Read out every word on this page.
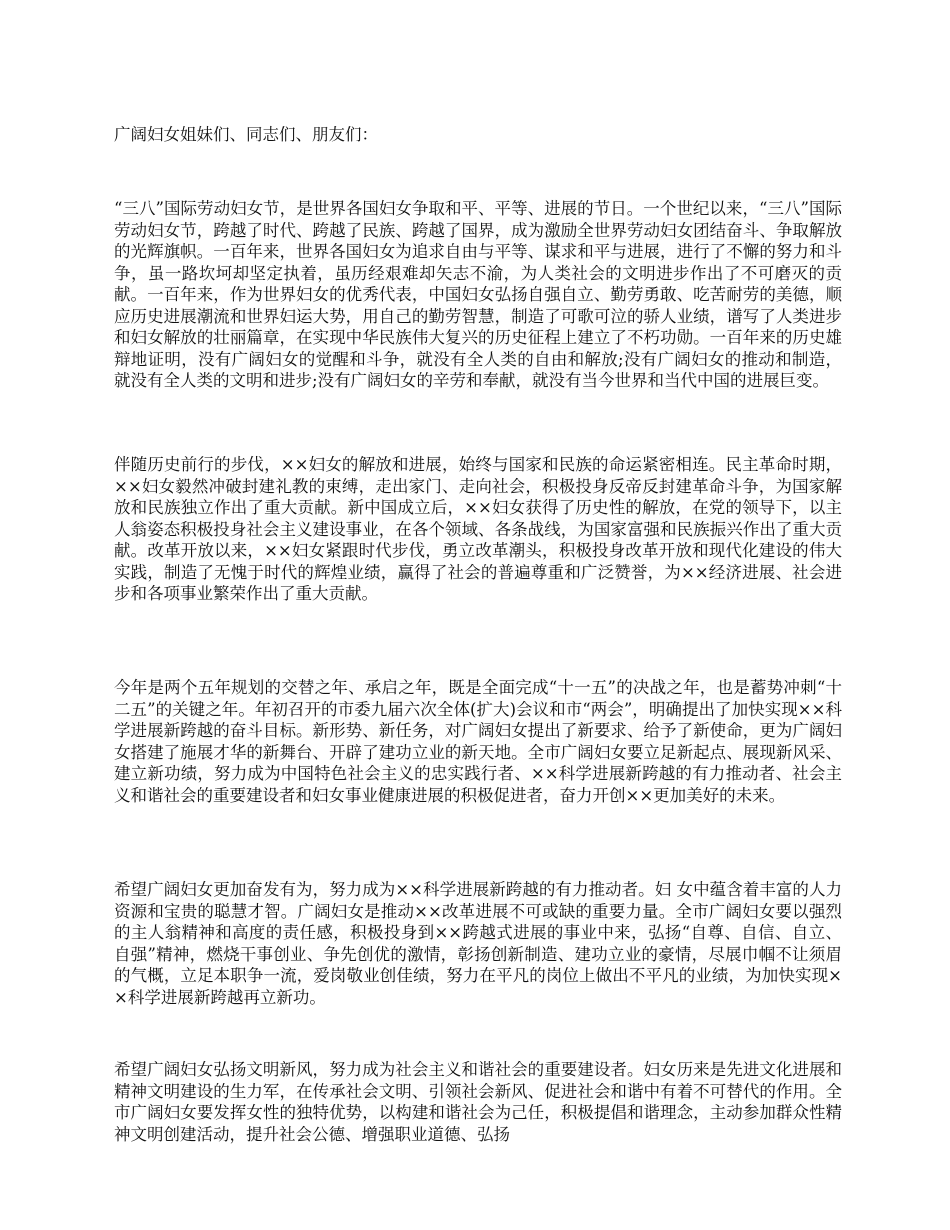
广阔妇女姐妹们、同志们、朋友们：

“三八”国际劳动妇女节，是世界各国妇女争取和平、平等、进展的节日。一个世纪以来，“三八”国际劳动妇女节，跨越了时代、跨越了民族、跨越了国界，成为激励全世界劳动妇女团结奋斗、争取解放的光辉旗帜。一百年来，世界各国妇女为追求自由与平等、谋求和平与进展，进行了不懈的努力和斗争，虽一路坎坷却坚定执着，虽历经艰难却矢志不渝，为人类社会的文明进步作出了不可磨灭的贡献。一百年来，作为世界妇女的优秀代表，中国妇女弘扬自强自立、勤劳勇敢、吃苦耐劳的美德，顺应历史进展潮流和世界妇运大势，用自己的勤劳智慧，制造了可歌可泣的骄人业绩，谱写了人类进步和妇女解放的壮丽篇章，在实现中华民族伟大复兴的历史征程上建立了不朽功勋。一百年来的历史雄辩地证明，没有广阔妇女的觉醒和斗争，就没有全人类的自由和解放;没有广阔妇女的推动和制造，就没有全人类的文明和进步;没有广阔妇女的辛劳和奉献，就没有当今世界和当代中国的进展巨变。

伴随历史前行的步伐，××妇女的解放和进展，始终与国家和民族的命运紧密相连。民主革命时期，××妇女毅然冲破封建礼教的束缚，走出家门、走向社会，积极投身反帝反封建革命斗争，为国家解放和民族独立作出了重大贡献。新中国成立后，××妇女获得了历史性的解放，在党的领导下，以主人翁姿态积极投身社会主义建设事业，在各个领域、各条战线，为国家富强和民族振兴作出了重大贡献。改革开放以来，××妇女紧跟时代步伐，勇立改革潮头，积极投身改革开放和现代化建设的伟大实践，制造了无愧于时代的辉煌业绩，赢得了社会的普遍尊重和广泛赞誉，为××经济进展、社会进步和各项事业繁荣作出了重大贡献。

今年是两个五年规划的交替之年、承启之年，既是全面完成“十一五”的决战之年，也是蓄势冲刺“十二五”的关键之年。年初召开的市委九届六次全体(扩大)会议和市“两会”，明确提出了加快实现××科学进展新跨越的奋斗目标。新形势、新任务，对广阔妇女提出了新要求、给予了新使命，更为广阔妇女搭建了施展才华的新舞台、开辟了建功立业的新天地。全市广阔妇女要立足新起点、展现新风采、建立新功绩，努力成为中国特色社会主义的忠实践行者、××科学进展新跨越的有力推动者、社会主义和谐社会的重要建设者和妇女事业健康进展的积极促进者，奋力开创××更加美好的未来。

希望广阔妇女更加奋发有为，努力成为××科学进展新跨越的有力推动者。妇 女中蕴含着丰富的人力资源和宝贵的聪慧才智。广阔妇女是推动××改革进展不可或缺的重要力量。全市广阔妇女要以强烈的主人翁精神和高度的责任感，积极投身到××跨越式进展的事业中来，弘扬“自尊、自信、自立、自强”精神，燃烧干事创业、争先创优的激情，彰扬创新制造、建功立业的豪情，尽展巾帼不让须眉的气概，立足本职争一流，爱岗敬业创佳绩，努力在平凡的岗位上做出不平凡的业绩，为加快实现××科学进展新跨越再立新功。

希望广阔妇女弘扬文明新风，努力成为社会主义和谐社会的重要建设者。妇女历来是先进文化进展和精神文明建设的生力军，在传承社会文明、引领社会新风、促进社会和谐中有着不可替代的作用。全市广阔妇女要发挥女性的独特优势，以构建和谐社会为己任，积极提倡和谐理念，主动参加群众性精神文明创建活动，提升社会公德、增强职业道德、弘扬
